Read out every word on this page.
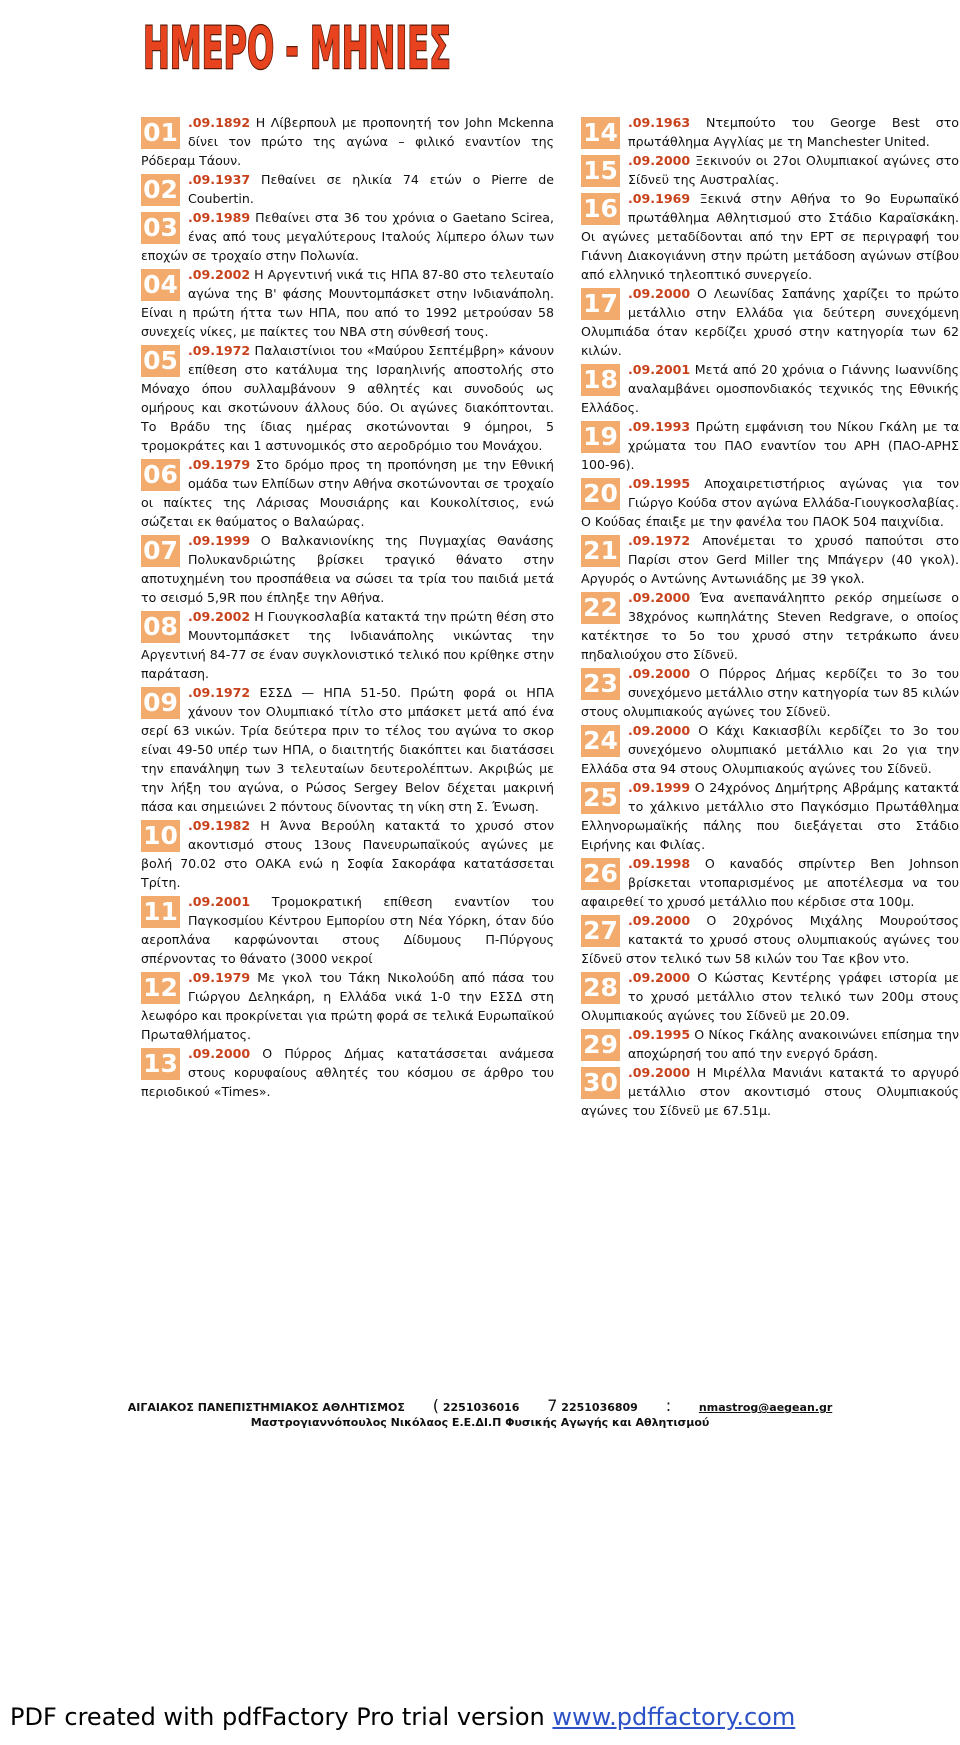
ΗΜΕΡΟ - ΜΗΝΙΕΣ
01 .09.1892 Η Λίβερπουλ με προπονητή τον John Mckenna δίνει τον πρώτο της αγώνα – φιλικό εναντίον της Ρόδεραμ Τάουν.
02 .09.1937 Πεθαίνει σε ηλικία 74 ετών ο Pierre de Coubertin.
03 .09.1989 Πεθαίνει στα 36 του χρόνια ο Gaetano Scirea, ένας από τους μεγαλύτερους Ιταλούς λίμπερο όλων των εποχών σε τροχαίο στην Πολωνία.
04 .09.2002 Η Αργεντινή νικά τις ΗΠΑ 87-80 στο τελευταίο αγώνα της Β' φάσης Μουντομπάσκετ στην Ινδιανάπολη. Είναι η πρώτη ήττα των ΗΠΑ, που από το 1992 μετρούσαν 58 συνεχείς νίκες, με παίκτες του NBA στη σύνθεσή τους.
05 .09.1972 Παλαιστίνιοι του «Μαύρου Σεπτέμβρη» κάνουν επίθεση στο κατάλυμα της Ισραηλινής αποστολής στο Μόναχο όπου συλλαμβάνουν 9 αθλητές και συνοδούς ως ομήρους και σκοτώνουν άλλους δύο. Οι αγώνες διακόπτονται. Το Βράδυ της ίδιας ημέρας σκοτώνονται 9 όμηροι, 5 τρομοκράτες και 1 αστυνομικός στο αεροδρόμιο του Μονάχου.
06 .09.1979 Στο δρόμο προς τη προπόνηση με την Εθνική ομάδα των Ελπίδων στην Αθήνα σκοτώνονται σε τροχαίο οι παίκτες της Λάρισας Μουσιάρης και Κουκολίτσιος, ενώ σώζεται εκ θαύματος ο Βαλαώρας.
07 .09.1999 Ο Βαλκανιονίκης της Πυγμαχίας Θανάσης Πολυκανδριώτης βρίσκει τραγικό θάνατο στην αποτυχημένη του προσπάθεια να σώσει τα τρία του παιδιά μετά το σεισμό 5,9R που έπληξε την Αθήνα.
08 .09.2002 Η Γιουγκοσλαβία κατακτά την πρώτη θέση στο Μουντομπάσκετ της Ινδιανάπολης νικώντας την Αργεντινή 84-77 σε έναν συγκλονιστικό τελικό που κρίθηκε στην παράταση.
09 .09.1972 ΕΣΣΔ — ΗΠΑ 51-50. Πρώτη φορά οι ΗΠΑ χάνουν τον Ολυμπιακό τίτλο στο μπάσκετ μετά από ένα σερί 63 νικών. Τρία δεύτερα πριν το τέλος του αγώνα το σκορ είναι 49-50 υπέρ των ΗΠΑ, ο διαιτητής διακόπτει και διατάσσει την επανάληψη των 3 τελευταίων δευτερολέπτων. Ακριβώς με την λήξη του αγώνα, ο Ρώσος Sergey Belov δέχεται μακρινή πάσα και σημειώνει 2 πόντους δίνοντας τη νίκη στη Σ. Ένωση.
10 .09.1982 Η Άννα Βερούλη κατακτά το χρυσό στον ακοντισμό στους 13ους Πανευρωπαϊκούς αγώνες με βολή 70.02 στο ΟΑΚΑ ενώ η Σοφία Σακοράφα κατατάσσεται Τρίτη.
11 .09.2001 Τρομοκρατική επίθεση εναντίον του Παγκοσμίου Κέντρου Εμπορίου στη Νέα Υόρκη, όταν δύο αεροπλάνα καρφώνονται στους Δίδυμους Π-Πύργους σπέρνοντας το θάνατο (3000 νεκροί
12 .09.1979 Με γκολ του Τάκη Νικολούδη από πάσα του Γιώργου Δεληκάρη, η Ελλάδα νικά 1-0 την ΕΣΣΔ στη λεωφόρο και προκρίνεται για πρώτη φορά σε τελικά Ευρωπαϊκού Πρωταθλήματος.
13 .09.2000 Ο Πύρρος Δήμας κατατάσσεται ανάμεσα στους κορυφαίους αθλητές του κόσμου σε άρθρο του περιοδικού «Times».
14 .09.1963 Ντεμπούτο του George Best στο πρωτάθλημα Αγγλίας με τη Manchester United.
15 .09.2000 Ξεκινούν οι 27οι Ολυμπιακοί αγώνες στο Σίδνεϋ της Αυστραλίας.
16 .09.1969 Ξεκινά στην Αθήνα το 9ο Ευρωπαϊκό πρωτάθλημα Αθλητισμού στο Στάδιο Καραϊσκάκη. Οι αγώνες μεταδίδονται από την ΕΡΤ σε περιγραφή του Γιάννη Διακογιάννη στην πρώτη μετάδοση αγώνων στίβου από ελληνικό τηλεοπτικό συνεργείο.
17 .09.2000 Ο Λεωνίδας Σαπάνης χαρίζει το πρώτο μετάλλιο στην Ελλάδα για δεύτερη συνεχόμενη Ολυμπιάδα όταν κερδίζει χρυσό στην κατηγορία των 62 κιλών.
18 .09.2001 Μετά από 20 χρόνια ο Γιάννης Ιωαννίδης αναλαμβάνει ομοσπονδιακός τεχνικός της Εθνικής Ελλάδος.
19 .09.1993 Πρώτη εμφάνιση του Νίκου Γκάλη με τα χρώματα του ΠΑΟ εναντίον του ΑΡΗ (ΠΑΟ-ΑΡΗΣ 100-96).
20 .09.1995 Αποχαιρετιστήριος αγώνας για τον Γιώργο Κούδα στον αγώνα Ελλάδα-Γιουγκοσλαβίας. Ο Κούδας έπαιξε με την φανέλα του ΠΑΟΚ 504 παιχνίδια.
21 .09.1972 Απονέμεται το χρυσό παπούτσι στο Παρίσι στον Gerd Miller της Μπάγερν (40 γκολ). Αργυρός ο Αντώνης Αντωνιάδης με 39 γκολ.
22 .09.2000 Ένα ανεπανάληπτο ρεκόρ σημείωσε ο 38χρόνος κωπηλάτης Steven Redgrave, ο οποίος κατέκτησε το 5ο του χρυσό στην τετράκωπο άνευ πηδαλιούχου στο Σίδνεϋ.
23 .09.2000 Ο Πύρρος Δήμας κερδίζει το 3ο του συνεχόμενο μετάλλιο στην κατηγορία των 85 κιλών στους ολυμπιακούς αγώνες του Σίδνεϋ.
24 .09.2000 Ο Κάχι Κακιασβίλι κερδίζει το 3ο του συνεχόμενο ολυμπιακό μετάλλιο και 2ο για την Ελλάδα στα 94 στους Ολυμπιακούς αγώνες του Σίδνεϋ.
25 .09.1999 Ο 24χρόνος Δημήτρης Αβράμης κατακτά το χάλκινο μετάλλιο στο Παγκόσμιο Πρωτάθλημα Ελληνορωμαϊκής πάλης που διεξάγεται στο Στάδιο Ειρήνης και Φιλίας.
26 .09.1998 Ο καναδός σπρίντερ Ben Johnson βρίσκεται ντοπαρισμένος με αποτέλεσμα να του αφαιρεθεί το χρυσό μετάλλιο που κέρδισε στα 100μ.
27 .09.2000 Ο 20χρόνος Μιχάλης Μουρούτσος κατακτά το χρυσό στους ολυμπιακούς αγώνες του Σίδνεϋ στον τελικό των 58 κιλών του Ταε κβον ντο.
28 .09.2000 Ο Κώστας Κεντέρης γράφει ιστορία με το χρυσό μετάλλιο στον τελικό των 200μ στους Ολυμπιακούς αγώνες του Σίδνεϋ με 20.09.
29 .09.1995 Ο Νίκος Γκάλης ανακοινώνει επίσημα την αποχώρησή του από την ενεργό δράση.
30 .09.2000 Η Μιρέλλα Μανιάνι κατακτά το αργυρό μετάλλιο στον ακοντισμό στους Ολυμπιακούς αγώνες του Σίδνεϋ με 67.51μ.
ΑΙΓΑΙΑΚΟΣ ΠΑΝΕΠΙΣΤΗΜΙΑΚΟΣ ΑΘΛΗΤΙΣΜΟΣ ( 2251036016 7 2251036809 :	nmastrog@aegean.gr
Μαστρογιαννόπουλος Νικόλαος Ε.Ε.ΔΙ.Π Φυσικής Αγωγής και Αθλητισμού
PDF created with pdfFactory Pro trial version www.pdffactory.com
